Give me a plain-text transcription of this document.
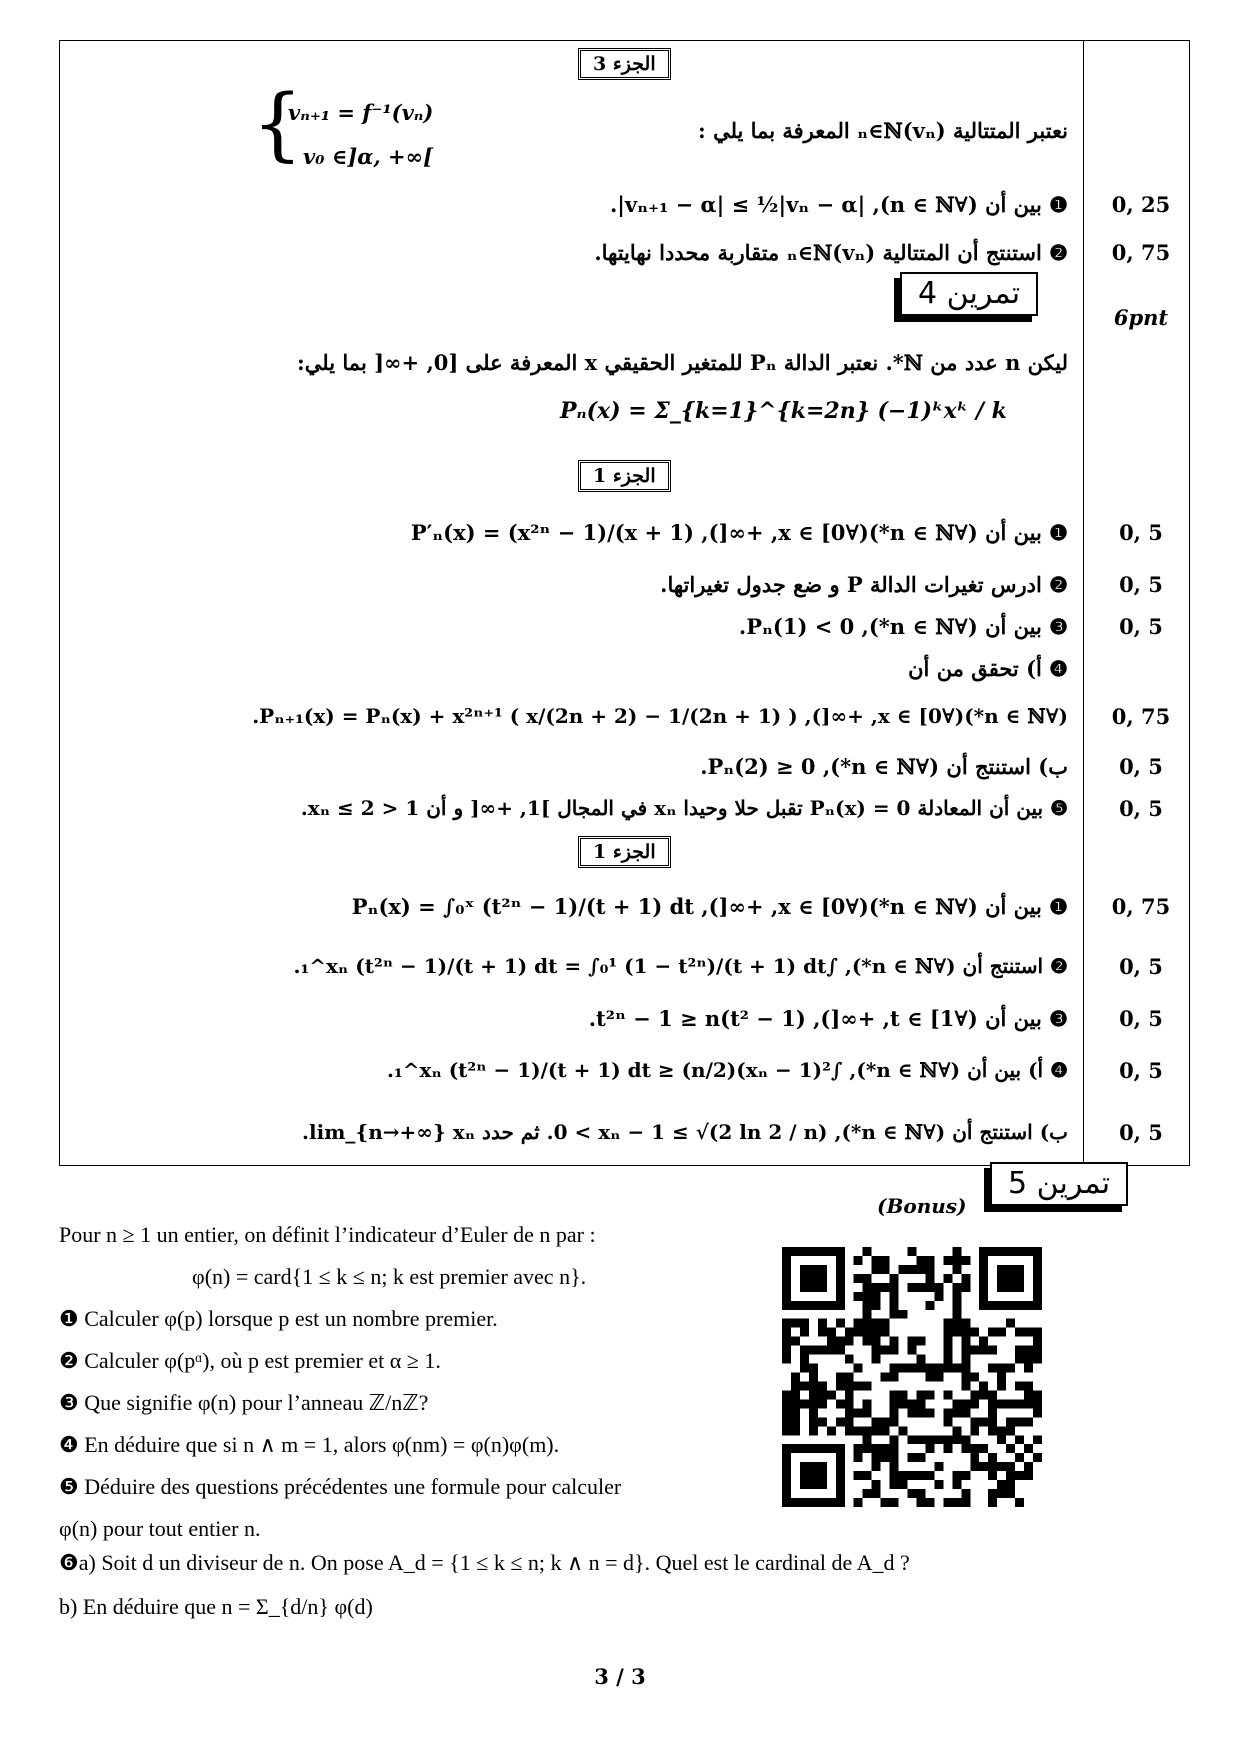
الجزء 3
{
vₙ₊₁ = f⁻¹(vₙ)
v₀ ∈]α, +∞[
نعتبر المتتالية (vₙ)ₙ∈ℕ المعرفة بما يلي :
❶ بين أن (∀n ∈ ℕ), |vₙ₊₁ − α| ≤ ½|vₙ − α|. 0, 25
❷ استنتج أن المتتالية (vₙ)ₙ∈ℕ متقاربة محددا نهايتها. 0, 75
تمرين 4
6pnt
ليكن n عدد من ℕ*. نعتبر الدالة Pₙ للمتغير الحقيقي x المعرفة على [0, +∞[ بما يلي:
Pₙ(x) = Σ_{k=1}^{k=2n} (−1)ᵏxᵏ / k
الجزء 1
❶ بين أن (∀n ∈ ℕ*)(∀x ∈ [0, +∞[), P′ₙ(x) = (x²ⁿ − 1)/(x + 1)	0, 5
❷ ادرس تغيرات الدالة P و ضع جدول تغيراتها.	0, 5
❸ بين أن (∀n ∈ ℕ*), Pₙ(1) < 0.	0, 5
❹ أ) تحقق من أن
(∀n ∈ ℕ*)(∀x ∈ [0, +∞[), Pₙ₊₁(x) = Pₙ(x) + x²ⁿ⁺¹ ( x/(2n + 2) − 1/(2n + 1) ). 0, 75
ب) استنتج أن (∀n ∈ ℕ*), Pₙ(2) ≥ 0.	0, 5
❺ بين أن المعادلة Pₙ(x) = 0 تقبل حلا وحيدا xₙ في المجال ]1, +∞[ و أن 1 < xₙ ≤ 2.	0, 5
الجزء 1
❶ بين أن (∀n ∈ ℕ*)(∀x ∈ [0, +∞[), Pₙ(x) = ∫₀ˣ (t²ⁿ − 1)/(t + 1) dt 0, 75
❷ استنتج أن (∀n ∈ ℕ*), ∫₁^xₙ (t²ⁿ − 1)/(t + 1) dt = ∫₀¹ (1 − t²ⁿ)/(t + 1) dt.	0, 5
❸ بين أن (∀t ∈ [1, +∞[), t²ⁿ − 1 ≥ n(t² − 1).	0, 5
❹ أ) بين أن (∀n ∈ ℕ*), ∫₁^xₙ (t²ⁿ − 1)/(t + 1) dt ≥ (n/2)(xₙ − 1)².	0, 5
ب) استنتج أن (∀n ∈ ℕ*), 0 < xₙ − 1 ≤ √(2 ln 2 / n). ثم حدد lim_{n→+∞} xₙ.	0, 5
تمرين 5
(Bonus)
Pour n ≥ 1 un entier, on définit l’indicateur d’Euler de n par :
φ(n) = card{1 ≤ k ≤ n; k est premier avec n}.
❶ Calculer φ(p) lorsque p est un nombre premier.
❷ Calculer φ(pᵅ), où p est premier et α ≥ 1.
❸ Que signifie φ(n) pour l’anneau ℤ/nℤ?
❹ En déduire que si n ∧ m = 1, alors φ(nm) = φ(n)φ(m).
❺ Déduire des questions précédentes une formule pour calculer
φ(n) pour tout entier n.
❻a) Soit d un diviseur de n. On pose A_d = {1 ≤ k ≤ n; k ∧ n = d}. Quel est le cardinal de A_d ?
b) En déduire que n = Σ_{d/n} φ(d)
3 / 3
